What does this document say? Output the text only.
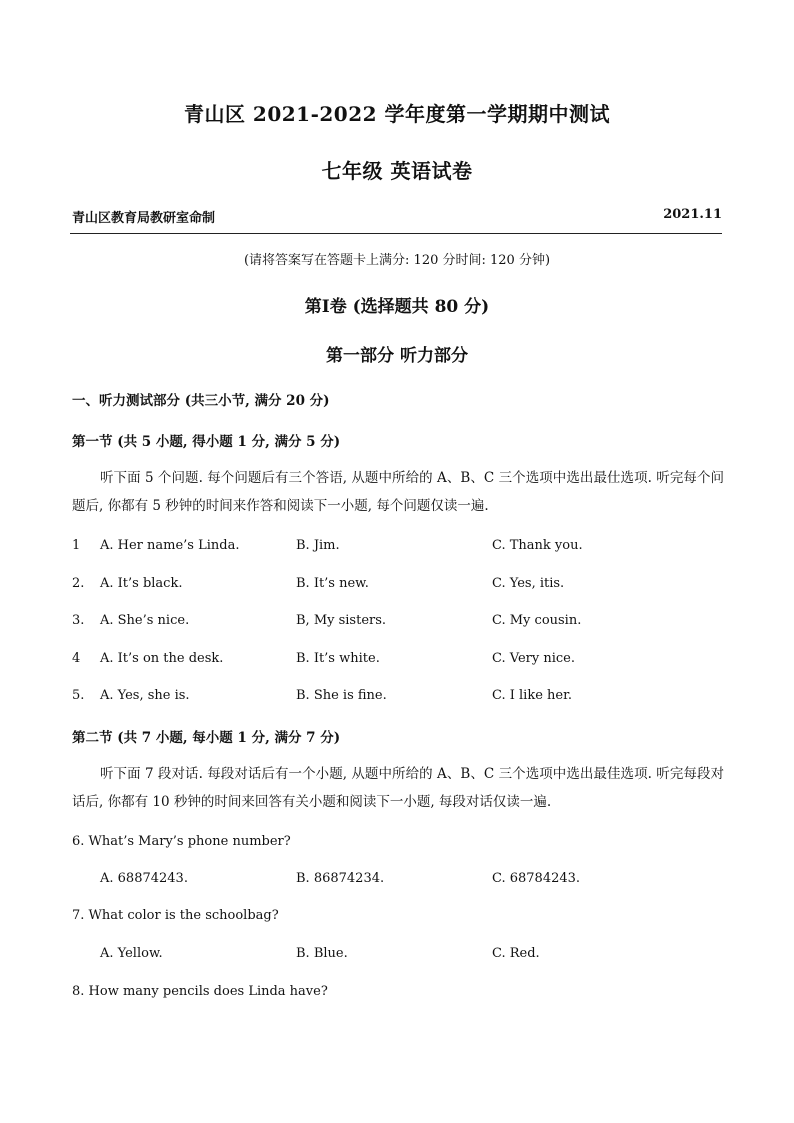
青山区 2021-2022 学年度第一学期期中测试
七年级 英语试卷
青山区教育局教研室命制	2021.11
(请将答案写在答题卡上满分: 120 分时间: 120 分钟)
第Ⅰ卷 (选择题共 80 分)
第一部分 听力部分
一、听力测试部分 (共三小节, 满分 20 分)
第一节 (共 5 小题, 得小题 1 分, 满分 5 分)
听下面 5 个问题. 每个问题后有三个答语, 从题中所给的 A、B、C 三个选项中选出最仕选项. 听完每个问题后, 你都有 5 秒钟的时间来作答和阅读下一小题, 每个问题仅读一遍.
1 A. Her name’s Linda.	B. Jim.	C. Thank you.
2. A. It’s black.	B. It’s new.	C. Yes, itis.
3. A. She’s nice.	B, My sisters.	C. My cousin.
4 A. It’s on the desk.	B. It’s white.	C. Very nice.
5. A. Yes, she is.	B. She is fine.	C. I like her.
第二节 (共 7 小题, 每小题 1 分, 满分 7 分)
听下面 7 段对话. 每段对话后有一个小题, 从题中所给的 A、B、C 三个选项中选出最佳选项. 听完每段对话后, 你都有 10 秒钟的时间来回答有关小题和阅读下一小题, 每段对话仅读一遍.
6. What’s Mary’s phone number?
A. 68874243.	B. 86874234.	C. 68784243.
7. What color is the schoolbag?
A. Yellow.	B. Blue.	C. Red.
8. How many pencils does Linda have?
